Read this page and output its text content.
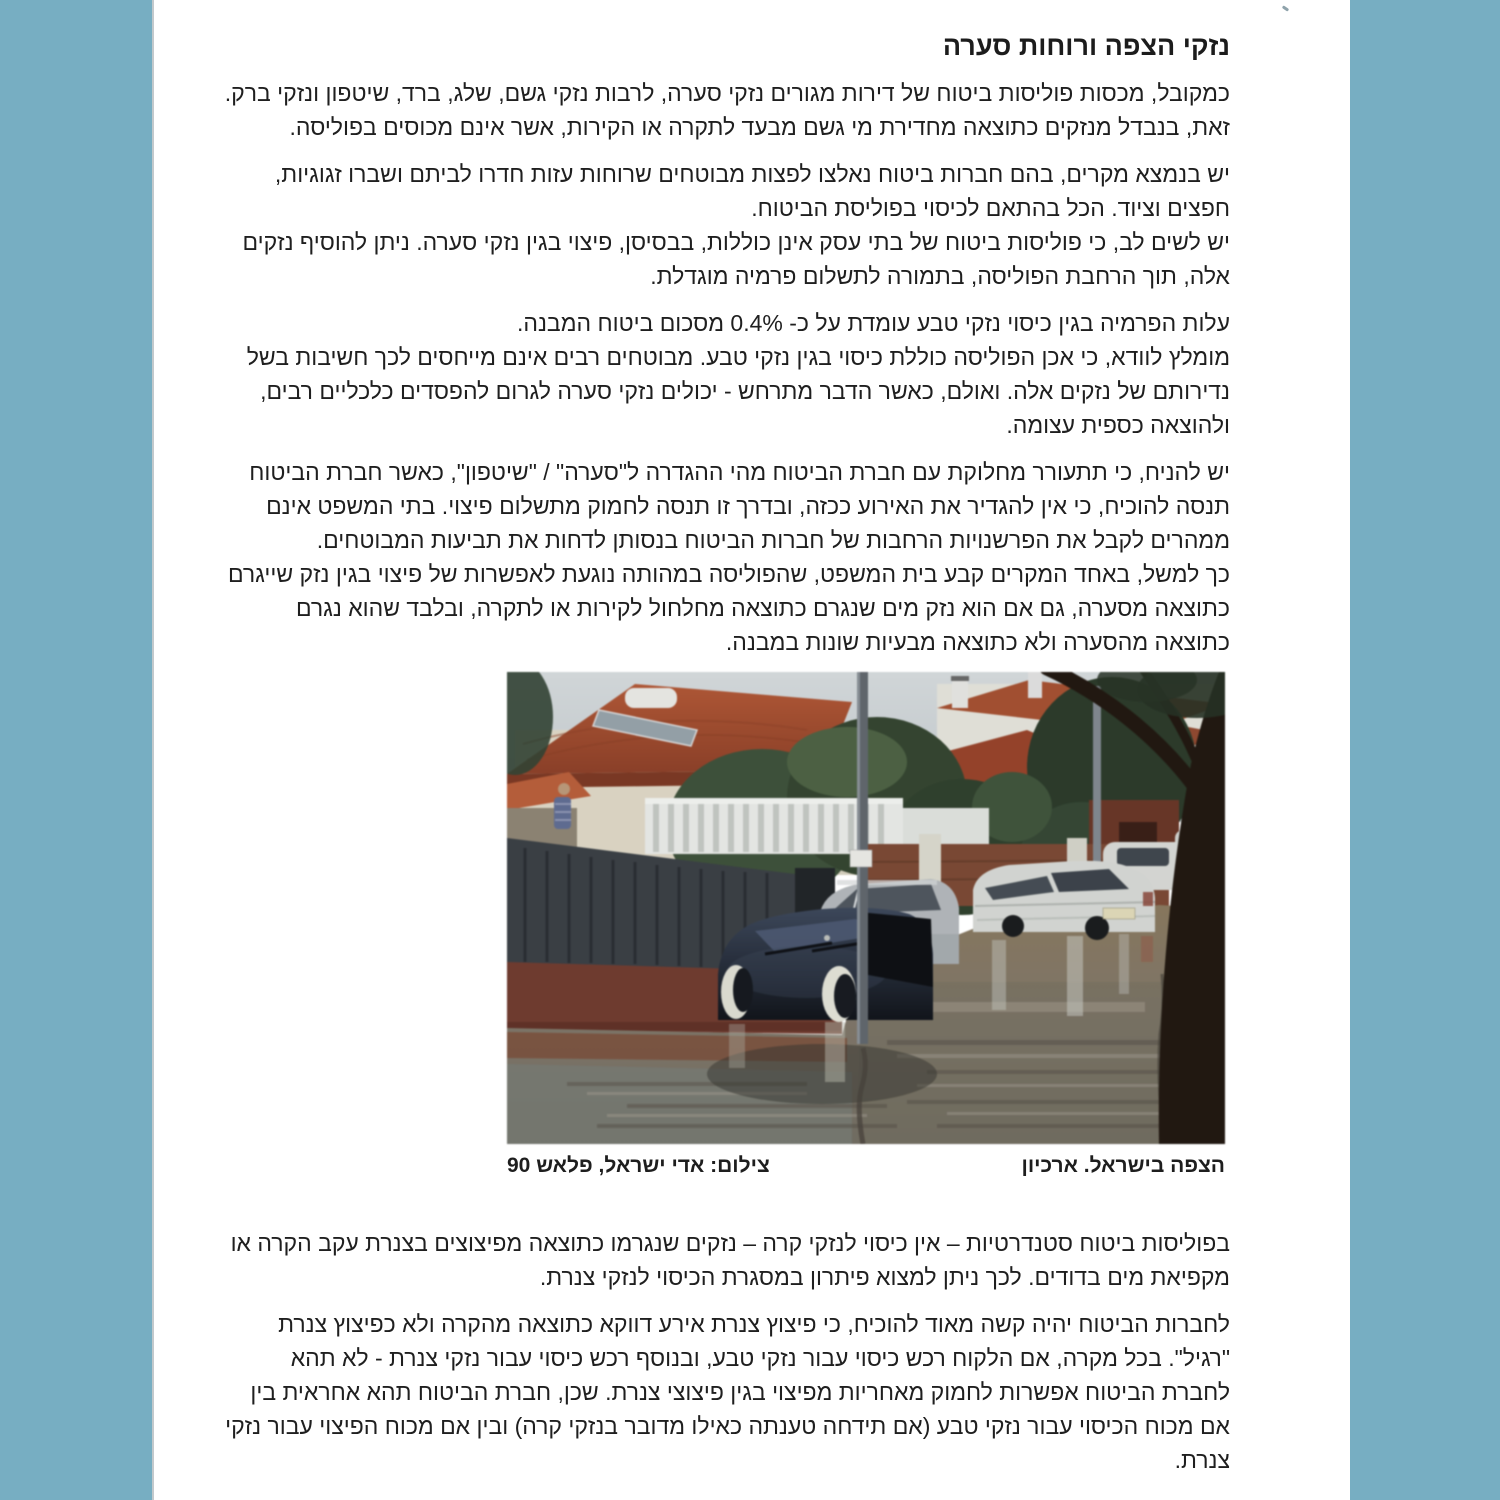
נזקי הצפה ורוחות סערה
כמקובל, מכסות פוליסות ביטוח של דירות מגורים נזקי סערה, לרבות נזקי גשם, שלג, ברד, שיטפון ונזקי ברק. זאת, בנבדל מנזקים כתוצאה מחדירת מי גשם מבעד לתקרה או הקירות, אשר אינם מכוסים בפוליסה.
יש בנמצא מקרים, בהם חברות ביטוח נאלצו לפצות מבוטחים שרוחות עזות חדרו לביתם ושברו זגוגיות, חפצים וציוד. הכל בהתאם לכיסוי בפוליסת הביטוח.
יש לשים לב, כי פוליסות ביטוח של בתי עסק אינן כוללות, בבסיסן, פיצוי בגין נזקי סערה. ניתן להוסיף נזקים אלה, תוך הרחבת הפוליסה, בתמורה לתשלום פרמיה מוגדלת.
עלות הפרמיה בגין כיסוי נזקי טבע עומדת על כ- 0.4% מסכום ביטוח המבנה.
מומלץ לוודא, כי אכן הפוליסה כוללת כיסוי בגין נזקי טבע. מבוטחים רבים אינם מייחסים לכך חשיבות בשל נדירותם של נזקים אלה. ואולם, כאשר הדבר מתרחש - יכולים נזקי סערה לגרום להפסדים כלכליים רבים, ולהוצאה כספית עצומה.
יש להניח, כי תתעורר מחלוקת עם חברת הביטוח מהי ההגדרה ל"סערה" / "שיטפון", כאשר חברת הביטוח תנסה להוכיח, כי אין להגדיר את האירוע ככזה, ובדרך זו תנסה לחמוק מתשלום פיצוי. בתי המשפט אינם ממהרים לקבל את הפרשנויות הרחבות של חברות הביטוח בנסותן לדחות את תביעות המבוטחים.
כך למשל, באחד המקרים קבע בית המשפט, שהפוליסה במהותה נוגעת לאפשרות של פיצוי בגין נזק שייגרם כתוצאה מסערה, גם אם הוא נזק מים שנגרם כתוצאה מחלחול לקירות או לתקרה, ובלבד שהוא נגרם כתוצאה מהסערה ולא כתוצאה מבעיות שונות במבנה.
הצפה בישראל. ארכיון
צילום: אדי ישראל, פלאש 90
בפוליסות ביטוח סטנדרטיות – אין כיסוי לנזקי קרה – נזקים שנגרמו כתוצאה מפיצוצים בצנרת עקב הקרה או מקפיאת מים בדודים. לכך ניתן למצוא פיתרון במסגרת הכיסוי לנזקי צנרת.
לחברות הביטוח יהיה קשה מאוד להוכיח, כי פיצוץ צנרת אירע דווקא כתוצאה מהקרה ולא כפיצוץ צנרת "רגיל". בכל מקרה, אם הלקוח רכש כיסוי עבור נזקי טבע, ובנוסף רכש כיסוי עבור נזקי צנרת - לא תהא לחברת הביטוח אפשרות לחמוק מאחריות מפיצוי בגין פיצוצי צנרת. שכן, חברת הביטוח תהא אחראית בין אם מכוח הכיסוי עבור נזקי טבע (אם תידחה טענתה כאילו מדובר בנזקי קרה) ובין אם מכוח הפיצוי עבור נזקי צנרת.
